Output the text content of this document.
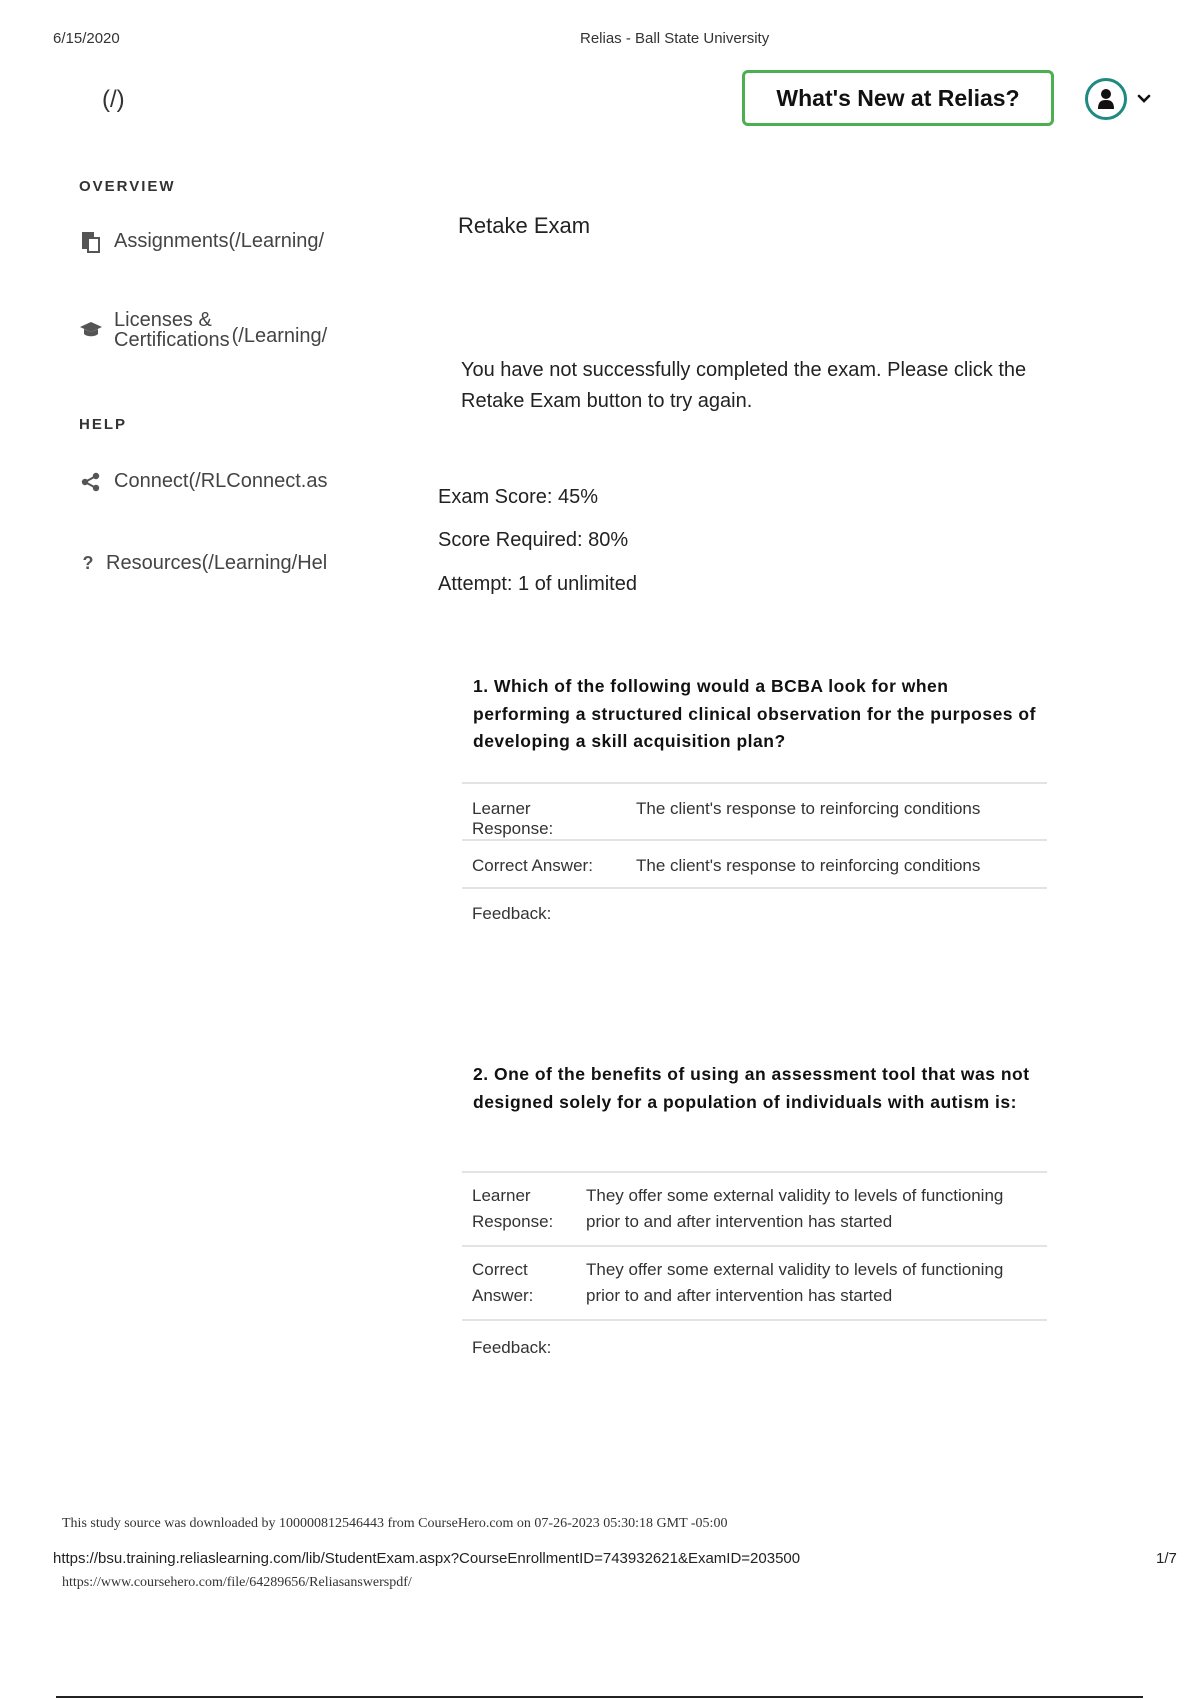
6/15/2020	Relias - Ball State University
(/)	What's New at Relias?
OVERVIEW
Assignments(/Learning/
Licenses &
Certifications (/Learning/
HELP
Connect(/RLConnect.as
? Resources(/Learning/Hel
Retake Exam
You have not successfully completed the exam. Please click the Retake Exam button to try again.
Exam Score: 45%
Score Required: 80%
Attempt: 1 of unlimited
1. Which of the following would a BCBA look for when performing a structured clinical observation for the purposes of developing a skill acquisition plan?
Learner Response:	The client's response to reinforcing conditions
Correct Answer:	The client's response to reinforcing conditions
Feedback:	
2. One of the benefits of using an assessment tool that was not designed solely for a population of individuals with autism is:
Learner
Response:	They offer some external validity to levels of functioning prior to and after intervention has started
Correct
Answer:	They offer some external validity to levels of functioning prior to and after intervention has started
Feedback:	
This study source was downloaded by 100000812546443 from CourseHero.com on 07-26-2023 05:30:18 GMT -05:00
https://bsu.training.reliaslearning.com/lib/StudentExam.aspx?CourseEnrollmentID=743932621&ExamID=203500	1/7
https://www.coursehero.com/file/64289656/Reliasanswerspdf/
